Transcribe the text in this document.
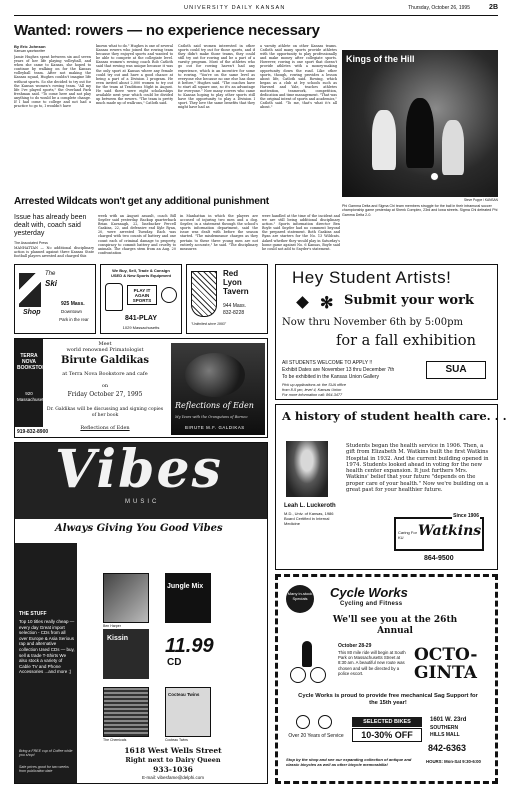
2B
UNIVERSITY DAILY KANSAN	Thursday, October 26, 1995
Wanted: rowers — no experience necessary
By Eric Johnson
Kansan sportswriter
Jamie Hughes spent between six and seven years of her life playing volleyball, and when she came to Kansas, she hoped to continue by walking on for the Kansas volleyball team. After not making the Kansas squad, Hughes couldn't imagine life without sports. So she decided to try out for the Kansas women's rowing team. "All my life I've played sports," the Overland Park freshman said. "To come here and not play anything to do would be a complete change. If I had come to college and not had a practice to go to, I wouldn't have
known what to do." Hughes is one of several Kansas rowers who joined the rowing team because they enjoyed sports and wanted to be able to compete at the collegiate level. Kansas women's rowing coach Rob Catloth said that rowing was unique because it was the only sport at Kansas where any female could try out and have a good chance at being a part of a Division I program. He even invited about 2,000 women to try out for the team at Traditions Night in August. He said there were eight scholarships available next year which could be divided up between the rowers. "The team is pretty much made up of walk-ons," Catloth said.
Catloth said women interested in other sports could try out for those sports, and if they didn't make those teams, they could still try out for rowing and be a part of a varsity program. Most of the athletes who go out for rowing haven't had any experience, which is an incentive for some to rowing. "You're on the same level as everyone else because no one else has done it before," Hughes said. "The coaches have to start all square one, so it's an advantage for everyone." Now many rowers who came to Kansas hoping to play other sports still have the opportunity to play a Division I sport. They love the same benefits that they might have had as
a varsity athlete on other Kansas teams. Catloth said many sports provide athletes with the opportunity to play professionally and make money after collegiate sports. However, rowing is one sport that doesn't provide athletes with a money-making opportunity down the road. Like other sports, though, rowing provides a lesson about life, Catloth said. Rowing, which began as a club at Ivy schools such as Harvard and Yale, teaches athletes motivation, teamwork, competition, dedication and time management. "That was the original intent of sports and academics," Catloth said. "To me, that's what it's all about."
Kings of the Hill
Steve Puppe / KANSAN
Phi Gamma Delta and Sigma Chi team members struggle for the ball in their intramural soccer championship game yesterday at Shenk Complex, 23rd and Iowa streets. Sigma Chi defeated Phi Gamma Delta 2-0.
Arrested Wildcats won't get any additional punishment
Issue has already been dealt with, coach said yesterday
The Associated Press
MANHATTAN — No additional disciplinary action is planned against three Kansas State football players arrested and charged this
week with an August assault, coach Bill Snyder said yesterday. Backup quarterback Brian Kavanagh, 22, linebacker Percell Gaskins, 22, and defensive end Kyle Ryan, 20, were arrested Tuesday. Each was charged with two counts of battery and one count each of criminal damage to property, conspiracy to commit battery and cruelty to animals. The charges stem from an Aug. 20 confrontation
in Manhattan in which the players are accused of injuring two men and a dog. Snyder, in a statement through the school's sports information department, said the issue was dealt with before the season started. "The misdemeanor charges as they pertain to these three young men are not entirely accurate," he said. "The disciplinary measures
were handled at the time of the incident and we are still being additional disciplinary action." Sports information director Ben Boyle said Snyder had no comment beyond the prepared statement. Both Gaskins and Ryan are starters for the No. 13 Wildcats. Asked whether they would play in Saturday's home game against No. 6 Kansas, Boyle said he could not add to Snyder's statement.
The
Ski
Shop
925 Mass.
Downtown
Park in the rear
We Buy, Sell, Trade & Consign
USED & New Sports Equipment
PLAY IT AGAIN SPORTS
841-PLAY
1029 Massachusetts
Red
Lyon
Tavern
944 Mass.
832-8228
"Unlimited since 1993"
Hey Student Artists!
✻ Submit your work
Now thru November 6th by 5:00pm
for a fall exhibition
All STUDENTS WELCOME TO APPLY !!
Exhibit Dates are November 13 thru December 7th
To be exhibited in the Kansas Union Gallery
Pick up applications at: the SUA office
from 8-5 pm, level 4, Kansas Union
For more information call: 864-3477
SUA
TERRA NOVA BOOKSTORE
920 Massachusetts
919-832-8900
Meet
world renowned Primatologist
Birute Galdikas
at Terra Nova Bookstore and cafe
on
Friday October 27, 1995
Dr. Galdikas will be discussing and signing copies of her book
Reflections of Eden
Reflections of Eden
My Years with the Orangutans of Borneo
BIRUTE M.F. GALDIKAS
A history of student health care. . .
Students began the health service in 1906. Then, a gift from Elizabeth M. Watkins built the first Watkins Hospital in 1932. And the current building opened in 1974. Students looked ahead in voting for the new health center expansion. It just furthers Mrs. Watkins' belief that your future "depends on the proper care of your health." Now we're building on a great past for your healthier future.
Leah L. Luckeroth
M.D., Univ. of Kansas, 1986
Board Certified in Internal
Medicine	Watkins
Since 1906
Caring For KU
864-9500
Vibes
MUSIC
Always Giving You Good Vibes
THE STUFF
Top 10 titles really cheap — every day Great import selection - CDs from all over Europe & Asia Serious rap and alternative collection Used CDs — buy, sell & trade T-Shirts We also stock a variety of Cable TV and Phone Accessories ...and more ;)
Bring a FREE cup of Coffee while you shop!
Sale prices good for two weeks from publication date
Ben Harper
Jungle Mix
Kissin 11.99
CD
The Chemicals
Cocteau Twins
Cocteau Twins
1618 West Wells Street
Right next to Dairy Queen
933-1036
E-mail: vibesfame@delphi.com
Cycle Works
Cycling and Fitness
Many in-stock Specials
We'll see you at the 26th Annual
October 28-29
This 80 mile ride will begin at South Park on Massachusetts Street at 8:30 am. A beautiful new route was chosen and will be directed by a police escort.
OCTO-
GINTA
Cycle Works is proud to provide free mechanical Sag Support for the 15th year!
Over 20 Years of Service
SELECTED BIKES
10-30% OFF
1601 W. 23rd
SOUTHERN
HILLS MALL
842-6363
Stop by the shop and see our expanding collection of antique and classic bicycles as well as other bicycle memorabilia!
HOURS: Mon-Sat 9:30-6:00
